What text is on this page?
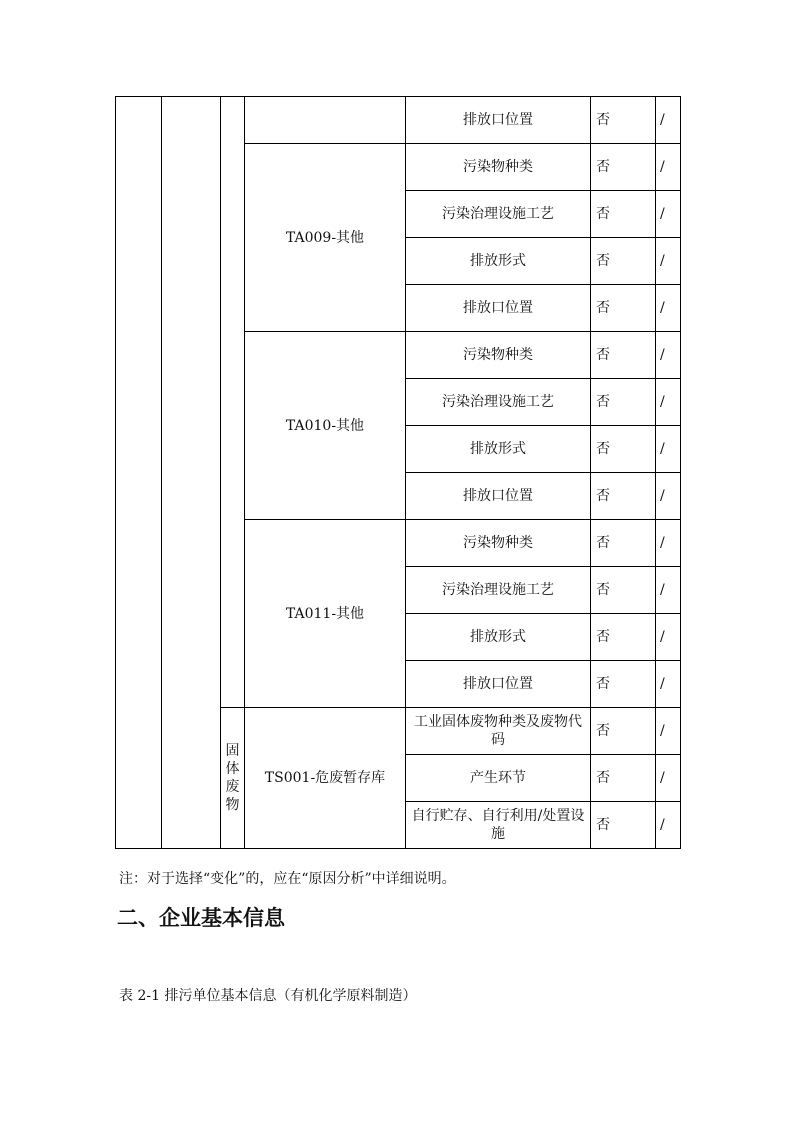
				排放口位置	否	/
			TA009-其他	污染物种类	否	/
				污染治理设施工艺	否	/
				排放形式	否	/
				排放口位置	否	/
			TA010-其他	污染物种类	否	/
				污染治理设施工艺	否	/
				排放形式	否	/
				排放口位置	否	/
			TA011-其他	污染物种类	否	/
				污染治理设施工艺	否	/
				排放形式	否	/
				排放口位置	否	/

		固体废物	TS001-危废暂存库	工业固体废物种类及废物代码	否	/
				产生环节	否	/
				自行贮存、自行利用/处置设施	否	/
注：对于选择“变化”的，应在“原因分析”中详细说明。
二、企业基本信息
表 2-1 排污单位基本信息（有机化学原料制造）
